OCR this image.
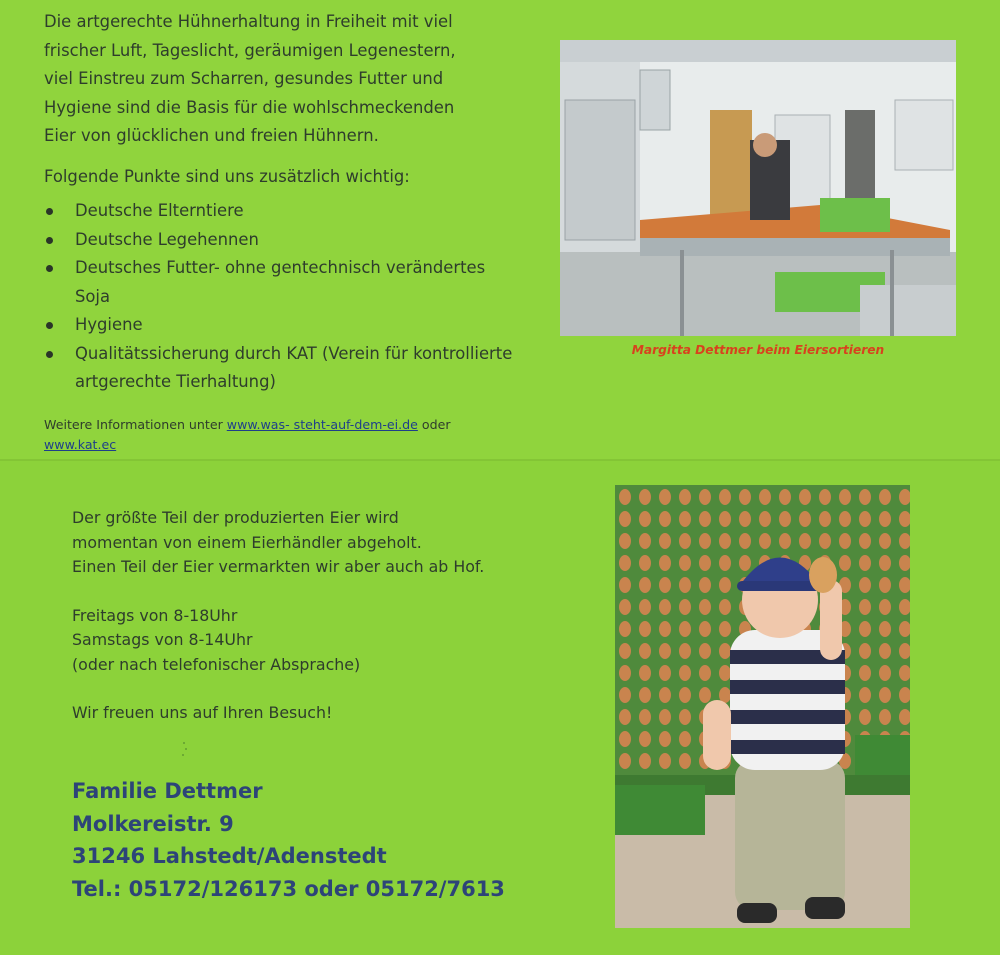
Die artgerechte Hühnerhaltung in Freiheit mit viel

frischer Luft, Tageslicht, geräumigen Legenestern,

viel Einstreu zum Scharren, gesundes Futter und

Hygiene sind die Basis für die wohlschmeckenden

Eier von glücklichen und freien Hühnern.

Folgende Punkte sind uns zusätzlich wichtig:

Deutsche Elterntiere
Deutsche Legehennen
Deutsches Futter- ohne gentechnisch verändertes Soja
Hygiene
Qualitätssicherung durch KAT (Verein für kontrollierte artgerechte Tierhaltung)
Weitere Informationen unter www.was- steht-auf-dem-ei.de oder
www.kat.ec
Margitta Dettmer beim Eiersortieren

Der größte Teil der produzierten Eier wird

momentan von einem Eierhändler abgeholt.

Einen Teil der Eier vermarkten wir aber auch ab Hof.

Freitags von 8-18Uhr

Samstags von 8-14Uhr

(oder nach telefonischer Absprache)

Wir freuen uns auf Ihren Besuch!

Familie Dettmer
Molkereistr. 9
31246 Lahstedt/Adenstedt
Tel.: 05172/126173 oder 05172/7613
